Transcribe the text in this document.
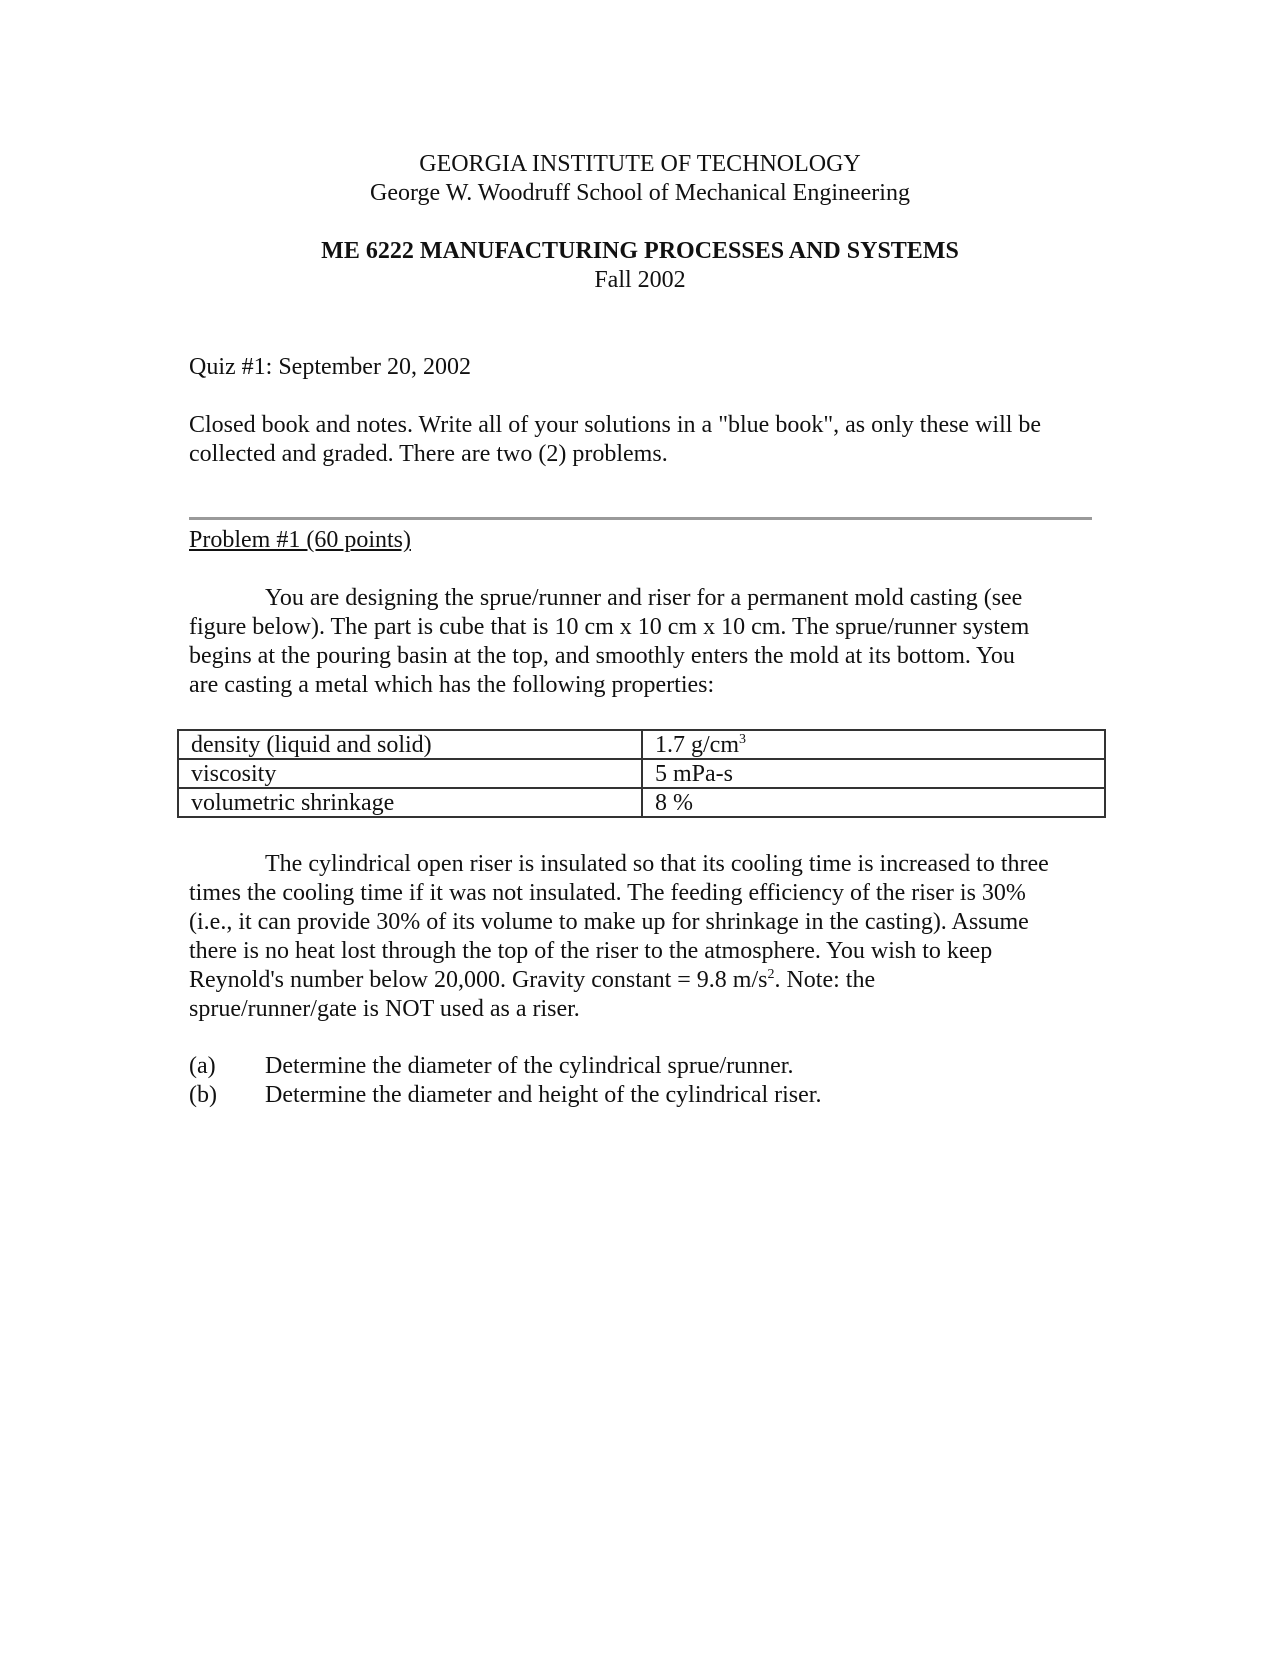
GEORGIA INSTITUTE OF TECHNOLOGY
George W. Woodruff School of Mechanical Engineering
ME 6222 MANUFACTURING PROCESSES AND SYSTEMS
Fall 2002
Quiz #1: September 20, 2002
Closed book and notes. Write all of your solutions in a "blue book", as only these will be
collected and graded. There are two (2) problems.
Problem #1 (60 points)
You are designing the sprue/runner and riser for a permanent mold casting (see
figure below). The part is cube that is 10 cm x 10 cm x 10 cm. The sprue/runner system
begins at the pouring basin at the top, and smoothly enters the mold at its bottom. You
are casting a metal which has the following properties:
density (liquid and solid)	1.7 $g/cm^3$
viscosity	5 mPa-s
volumetric shrinkage	8 %
The cylindrical open riser is insulated so that its cooling time is increased to three
times the cooling time if it was not insulated. The feeding efficiency of the riser is 30%
(i.e., it can provide 30% of its volume to make up for shrinkage in the casting). Assume
there is no heat lost through the top of the riser to the atmosphere. You wish to keep
Reynold's number below 20,000. Gravity constant = 9.8 $m/s^2$. Note: the
sprue/runner/gate is NOT used as a riser.
(a)	Determine the diameter of the cylindrical sprue/runner.
(b)	Determine the diameter and height of the cylindrical riser.
